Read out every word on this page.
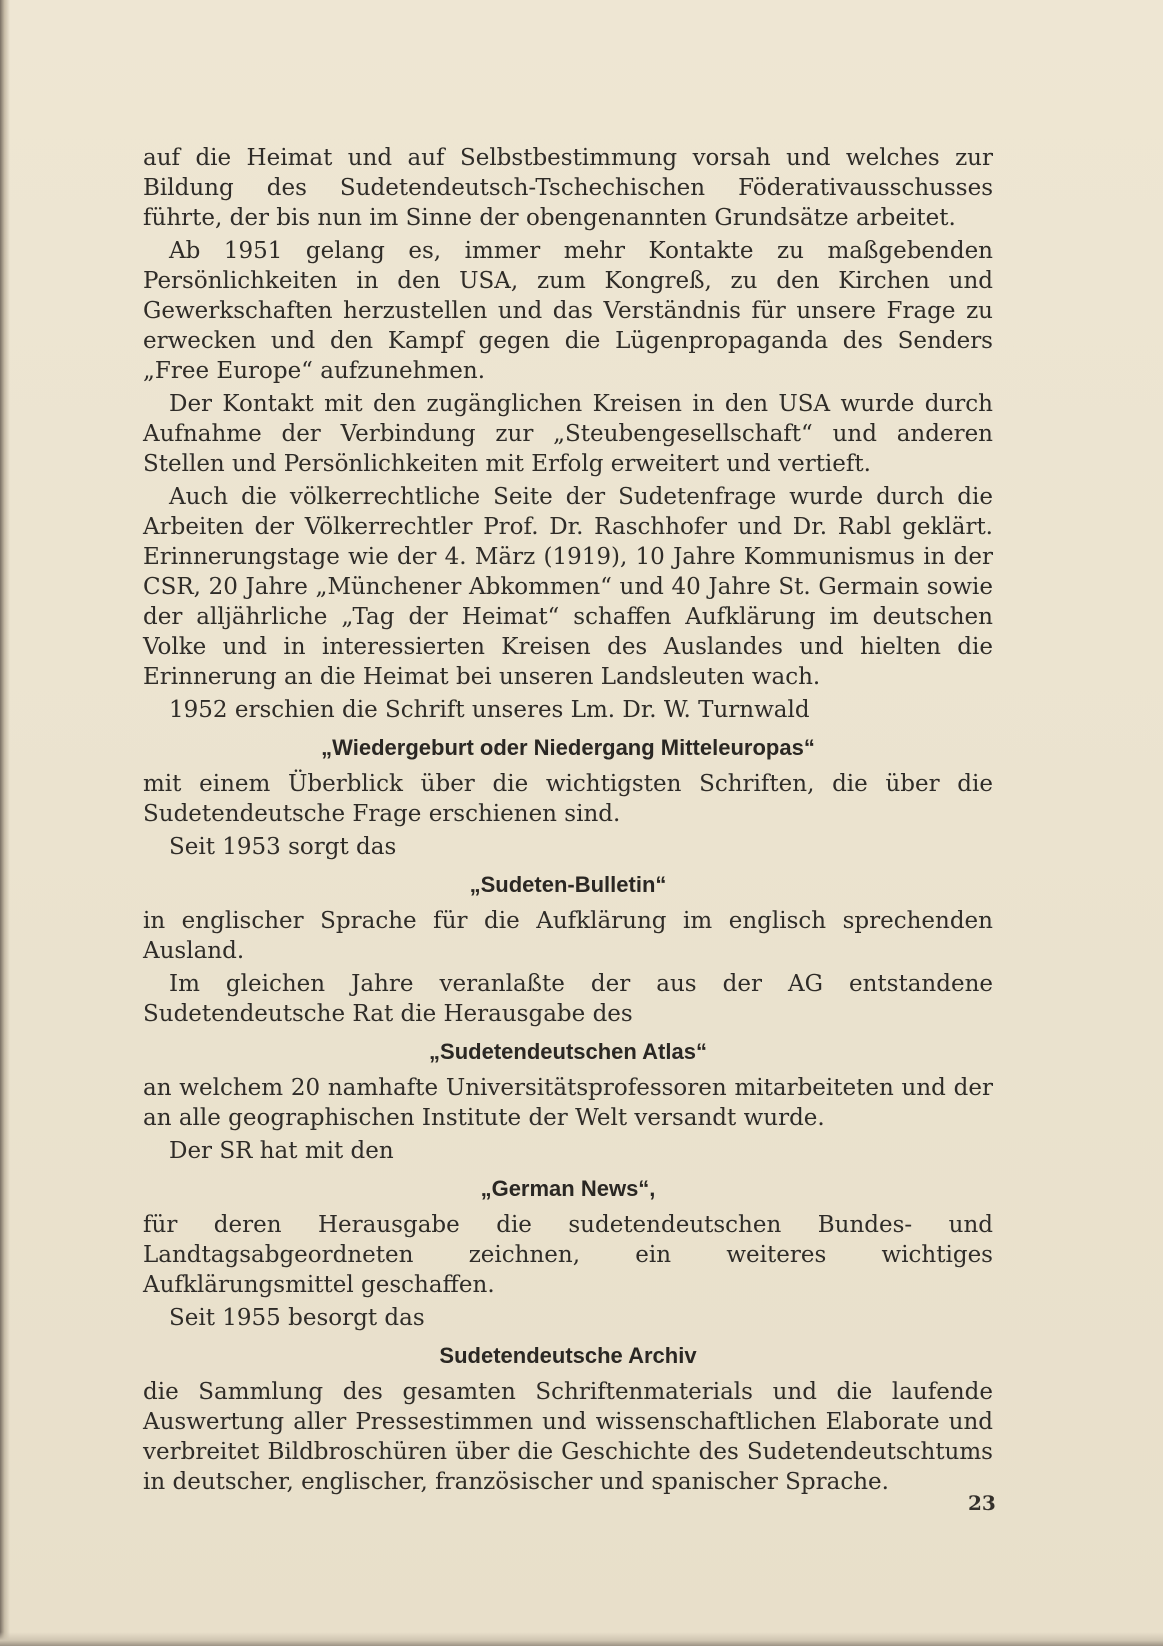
auf die Heimat und auf Selbstbestimmung vorsah und welches zur Bildung des Sudetendeutsch-Tschechischen Föderativausschusses führte, der bis nun im Sinne der obengenannten Grundsätze arbeitet.

Ab 1951 gelang es, immer mehr Kontakte zu maßgebenden Persönlichkeiten in den USA, zum Kongreß, zu den Kirchen und Gewerkschaften herzustellen und das Verständnis für unsere Frage zu erwecken und den Kampf gegen die Lügenpropaganda des Senders „Free Europe“ aufzunehmen.

Der Kontakt mit den zugänglichen Kreisen in den USA wurde durch Aufnahme der Verbindung zur „Steubengesellschaft“ und anderen Stellen und Persönlichkeiten mit Erfolg erweitert und vertieft.

Auch die völkerrechtliche Seite der Sudetenfrage wurde durch die Arbeiten der Völkerrechtler Prof. Dr. Raschhofer und Dr. Rabl geklärt. Erinnerungstage wie der 4. März (1919), 10 Jahre Kommunismus in der CSR, 20 Jahre „Münchener Abkommen“ und 40 Jahre St. Germain sowie der alljährliche „Tag der Heimat“ schaffen Aufklärung im deutschen Volke und in interessierten Kreisen des Auslandes und hielten die Erinnerung an die Heimat bei unseren Landsleuten wach.

1952 erschien die Schrift unseres Lm. Dr. W. Turnwald

„Wiedergeburt oder Niedergang Mitteleuropas“

mit einem Überblick über die wichtigsten Schriften, die über die Sudetendeutsche Frage erschienen sind.

Seit 1953 sorgt das

„Sudeten-Bulletin“

in englischer Sprache für die Aufklärung im englisch sprechenden Ausland.

Im gleichen Jahre veranlaßte der aus der AG entstandene Sudetendeutsche Rat die Herausgabe des

„Sudetendeutschen Atlas“

an welchem 20 namhafte Universitätsprofessoren mitarbeiteten und der an alle geographischen Institute der Welt versandt wurde.

Der SR hat mit den

„German News“,

für deren Herausgabe die sudetendeutschen Bundes- und Landtagsabgeordneten zeichnen, ein weiteres wichtiges Aufklärungsmittel geschaffen.

Seit 1955 besorgt das

Sudetendeutsche Archiv

die Sammlung des gesamten Schriftenmaterials und die laufende Auswertung aller Pressestimmen und wissenschaftlichen Elaborate und verbreitet Bildbroschüren über die Geschichte des Sudetendeutschtums in deutscher, englischer, französischer und spanischer Sprache.

23
